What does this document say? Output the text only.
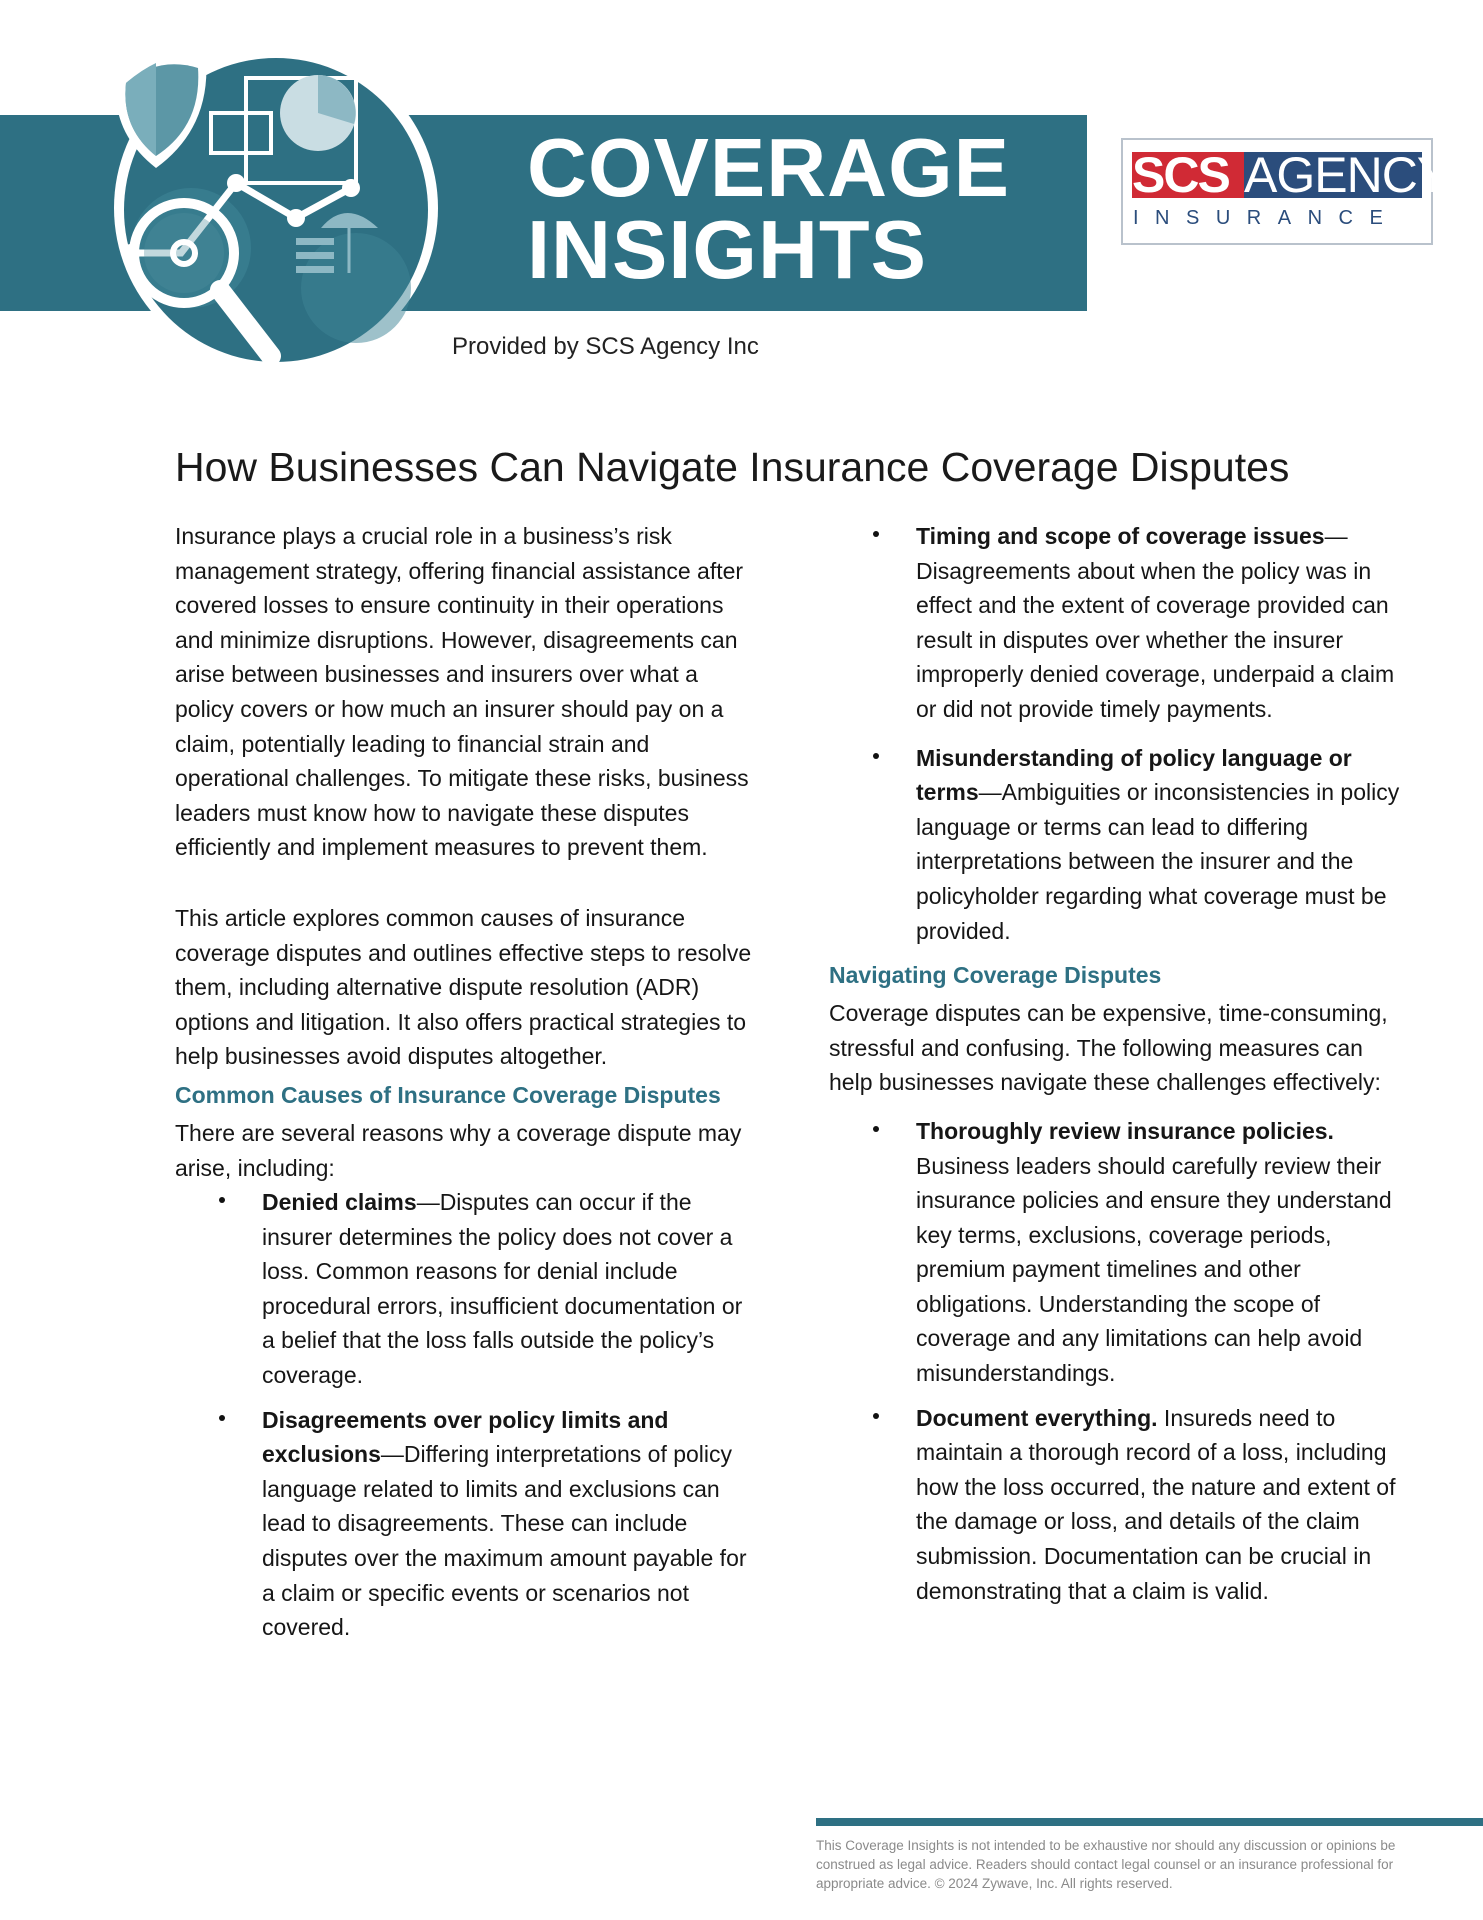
COVERAGE
INSIGHTS
SCS AGENCY
INSURANCE
Provided by SCS Agency Inc
How Businesses Can Navigate Insurance Coverage Disputes

Insurance plays a crucial role in a business’s risk management strategy, offering financial assistance after covered losses to ensure continuity in their operations and minimize disruptions. However, disagreements can arise between businesses and insurers over what a policy covers or how much an insurer should pay on a claim, potentially leading to financial strain and operational challenges. To mitigate these risks, business leaders must know how to navigate these disputes efficiently and implement measures to prevent them.

This article explores common causes of insurance coverage disputes and outlines effective steps to resolve them, including alternative dispute resolution (ADR) options and litigation. It also offers practical strategies to help businesses avoid disputes altogether.

Common Causes of Insurance Coverage Disputes

There are several reasons why a coverage dispute may arise, including:

Denied claims—Disputes can occur if the insurer determines the policy does not cover a loss. Common reasons for denial include procedural errors, insufficient documentation or a belief that the loss falls outside the policy’s coverage.
Disagreements over policy limits and exclusions—Differing interpretations of policy language related to limits and exclusions can lead to disagreements. These can include disputes over the maximum amount payable for a claim or specific events or scenarios not covered.
Timing and scope of coverage issues—Disagreements about when the policy was in effect and the extent of coverage provided can result in disputes over whether the insurer improperly denied coverage, underpaid a claim or did not provide timely payments.
Misunderstanding of policy language or terms—Ambiguities or inconsistencies in policy language or terms can lead to differing interpretations between the insurer and the policyholder regarding what coverage must be provided.
Navigating Coverage Disputes

Coverage disputes can be expensive, time-consuming, stressful and confusing. The following measures can help businesses navigate these challenges effectively:

Thoroughly review insurance policies. Business leaders should carefully review their insurance policies and ensure they understand key terms, exclusions, coverage periods, premium payment timelines and other obligations. Understanding the scope of coverage and any limitations can help avoid misunderstandings.
Document everything. Insureds need to maintain a thorough record of a loss, including how the loss occurred, the nature and extent of the damage or loss, and details of the claim submission. Documentation can be crucial in demonstrating that a claim is valid.
This Coverage Insights is not intended to be exhaustive nor should any discussion or opinions be construed as legal advice. Readers should contact legal counsel or an insurance professional for appropriate advice. © 2024 Zywave, Inc. All rights reserved.
